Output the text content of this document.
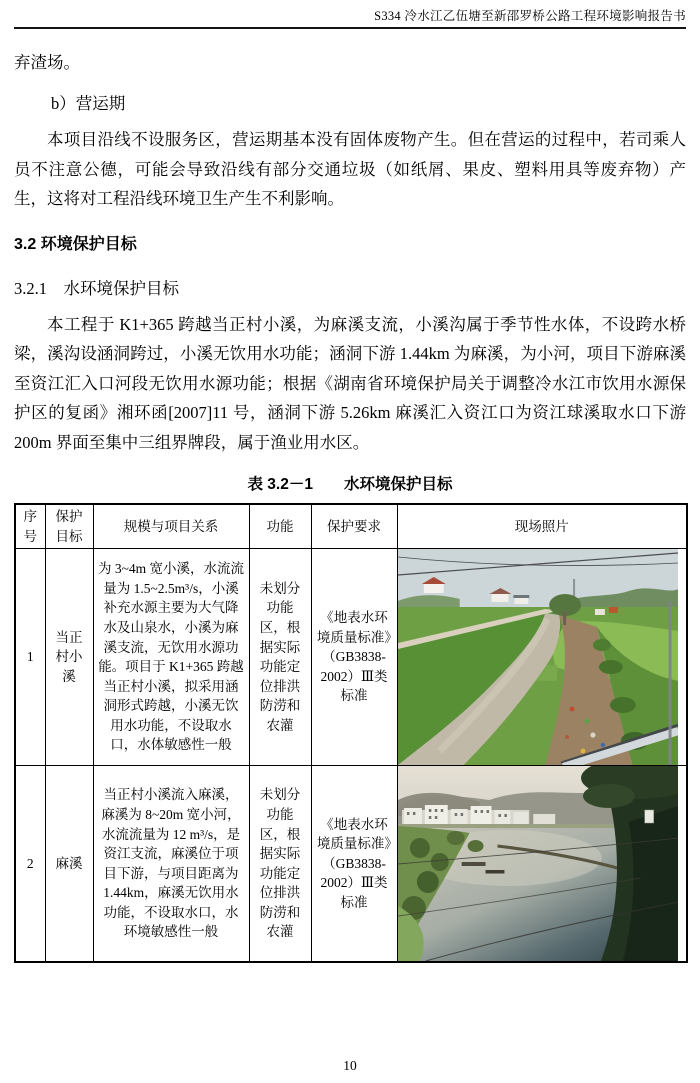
S334 冷水江乙伍塘至新邵罗桥公路工程环境影响报告书

弃渣场。

b）营运期

本项目沿线不设服务区，营运期基本没有固体废物产生。但在营运的过程中，若司乘人员不注意公德，可能会导致沿线有部分交通垃圾（如纸屑、果皮、塑料用具等废弃物）产生，这将对工程沿线环境卫生产生不利影响。

3.2 环境保护目标
3.2.1　水环境保护目标

本工程于 K1+365 跨越当正村小溪，为麻溪支流，小溪沟属于季节性水体，不设跨水桥梁，溪沟设涵洞跨过，小溪无饮用水功能；涵洞下游 1.44km 为麻溪，为小河，项目下游麻溪至资江汇入口河段无饮用水源功能；根据《湖南省环境保护局关于调整冷水江市饮用水源保护区的复函》湘环函[2007]11 号，涵洞下游 5.26km 麻溪汇入资江口为资江球溪取水口下游 200m 界面至集中三组界牌段，属于渔业用水区。

表 3.2－1　　水环境保护目标

序号	保护目标	规模与项目关系	功能	保护要求	现场照片
1	当正村小溪	为 3~4m 宽小溪，水流流量为 1.5~2.5m³/s，小溪补充水源主要为大气降水及山泉水，小溪为麻溪支流，无饮用水源功能。项目于 K1+365 跨越当正村小溪，拟采用涵洞形式跨越，小溪无饮用水功能，不设取水口，水体敏感性一般	未划分功能区，根据实际功能定位排洪防涝和农灌	《地表水环境质量标准》（GB3838-2002）Ⅲ类标准	

2	麻溪	当正村小溪流入麻溪，麻溪为 8~20m 宽小河，水流流量为 12 m³/s，是资江支流，麻溪位于项目下游，与项目距离为 1.44km，麻溪无饮用水功能，不设取水口，水环境敏感性一般	未划分功能区，根据实际功能定位排洪防涝和农灌	《地表水环境质量标准》（GB3838-2002）Ⅲ类标准	
10
